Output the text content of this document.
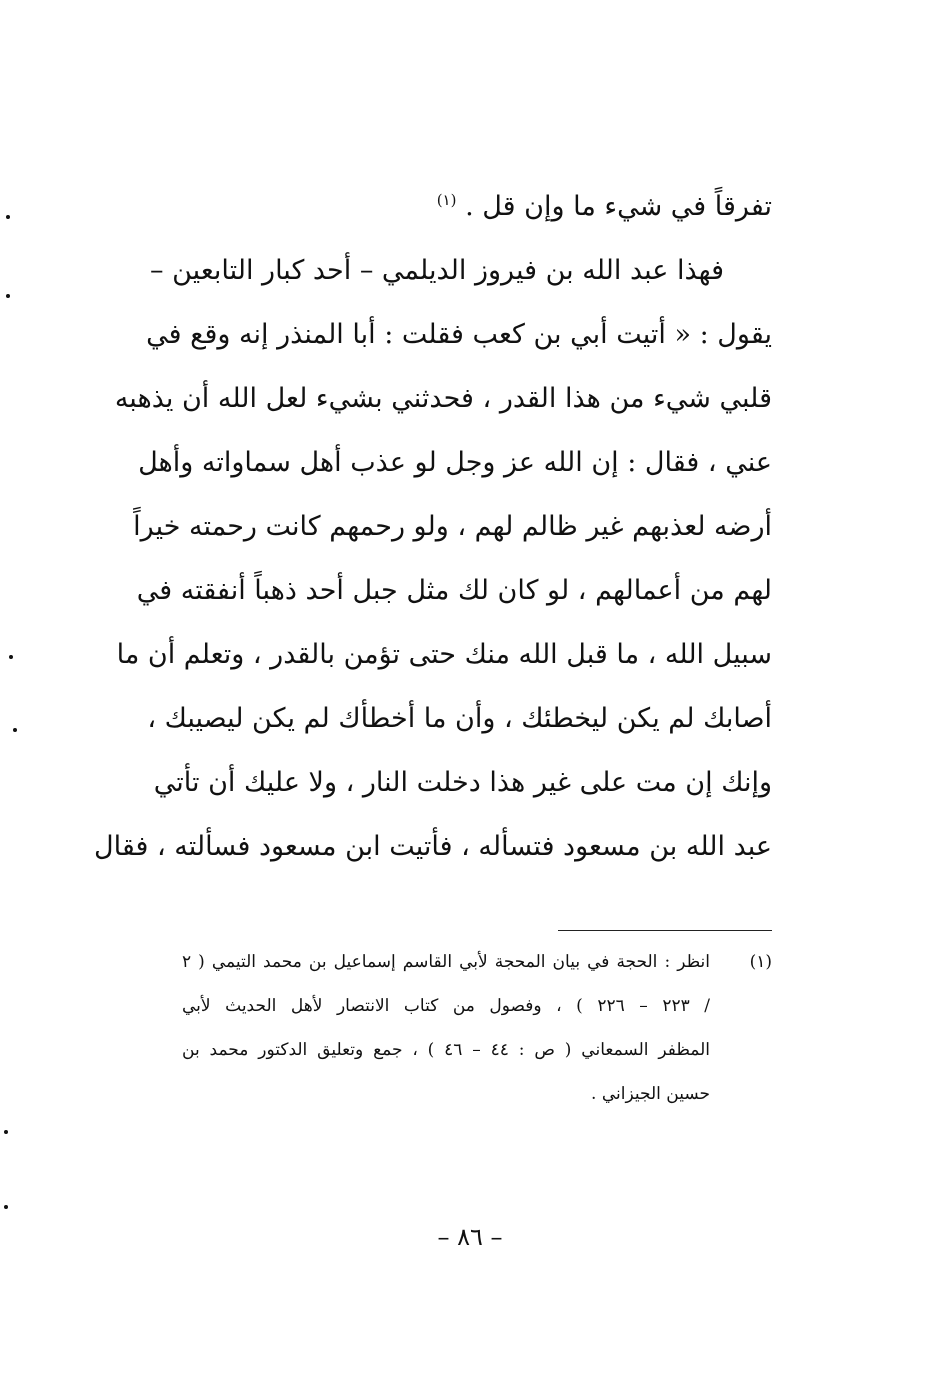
تفرقاً في شيء ما وإن قل . $^{(١)}$
فهذا عبد الله بن فيروز الديلمي – أحد كبار التابعين –
يقول : « أتيت أبي بن كعب فقلت : أبا المنذر إنه وقع في
قلبي شيء من هذا القدر ، فحدثني بشيء لعل الله أن يذهبه
عني ، فقال : إن الله عز وجل لو عذب أهل سماواته وأهل
أرضه لعذبهم غير ظالم لهم ، ولو رحمهم كانت رحمته خيراً
لهم من أعمالهم ، لو كان لك مثل جبل أحد ذهباً أنفقته في
سبيل الله ، ما قبل الله منك حتى تؤمن بالقدر ، وتعلم أن ما
أصابك لم يكن ليخطئك ، وأن ما أخطأك لم يكن ليصيبك ،
وإنك إن مت على غير هذا دخلت النار ، ولا عليك أن تأتي
عبد الله بن مسعود فتسأله ، فأتيت ابن مسعود فسألته ، فقال
(١)
انظر : الحجة في بيان المحجة لأبي القاسم إسماعيل بن محمد التيمي ( ٢
/ ٢٢٣ – ٢٢٦ ) ، وفصول من كتاب الانتصار لأهل الحديث لأبي
المظفر السمعاني ( ص : ٤٤ – ٤٦ ) ، جمع وتعليق الدكتور محمد بن
حسين الجيزاني .
– ٨٦ –
